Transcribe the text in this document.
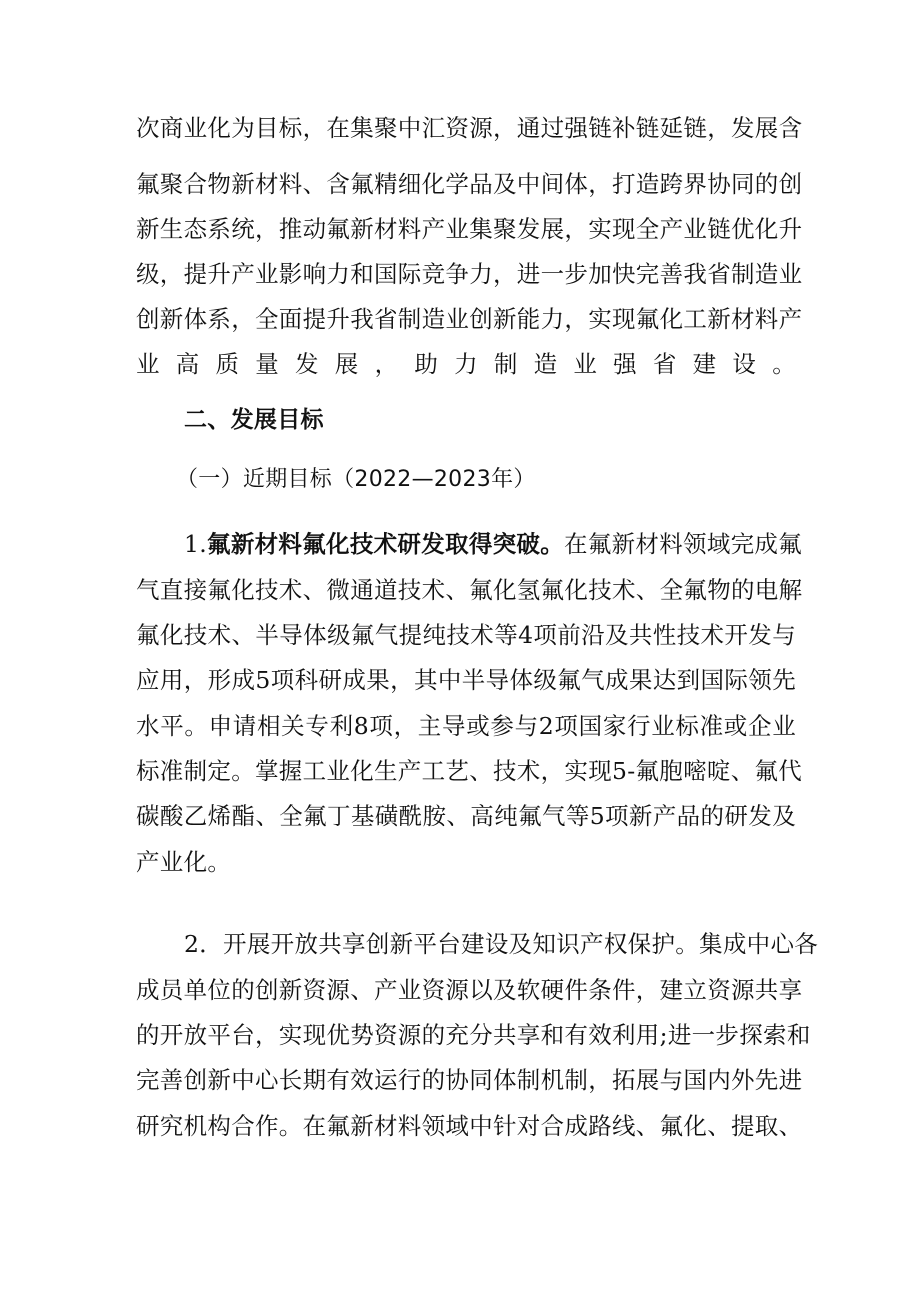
次商业化为目标，在集聚中汇资源，通过强链补链延链，发展含
氟聚合物新材料、含氟精细化学品及中间体，打造跨界协同的创
新生态系统，推动氟新材料产业集聚发展，实现全产业链优化升
级，提升产业影响力和国际竞争力，进一步加快完善我省制造业
创新体系，全面提升我省制造业创新能力，实现氟化工新材料产
业高质量发展，助力制造业强省建设。
二、发展目标
（一）近期目标（2022—2023年）
1.氟新材料氟化技术研发取得突破。在氟新材料领域完成氟
气直接氟化技术、微通道技术、氟化氢氟化技术、全氟物的电解
氟化技术、半导体级氟气提纯技术等4项前沿及共性技术开发与
应用，形成5项科研成果，其中半导体级氟气成果达到国际领先
水平。申请相关专利8项，主导或参与2项国家行业标准或企业
标准制定。掌握工业化生产工艺、技术，实现5-氟胞嘧啶、氟代
碳酸乙烯酯、全氟丁基磺酰胺、高纯氟气等5项新产品的研发及
产业化。
2．开展开放共享创新平台建设及知识产权保护。集成中心各
成员单位的创新资源、产业资源以及软硬件条件，建立资源共享
的开放平台，实现优势资源的充分共享和有效利用;进一步探索和
完善创新中心长期有效运行的协同体制机制，拓展与国内外先进
研究机构合作。在氟新材料领域中针对合成路线、氟化、提取、
